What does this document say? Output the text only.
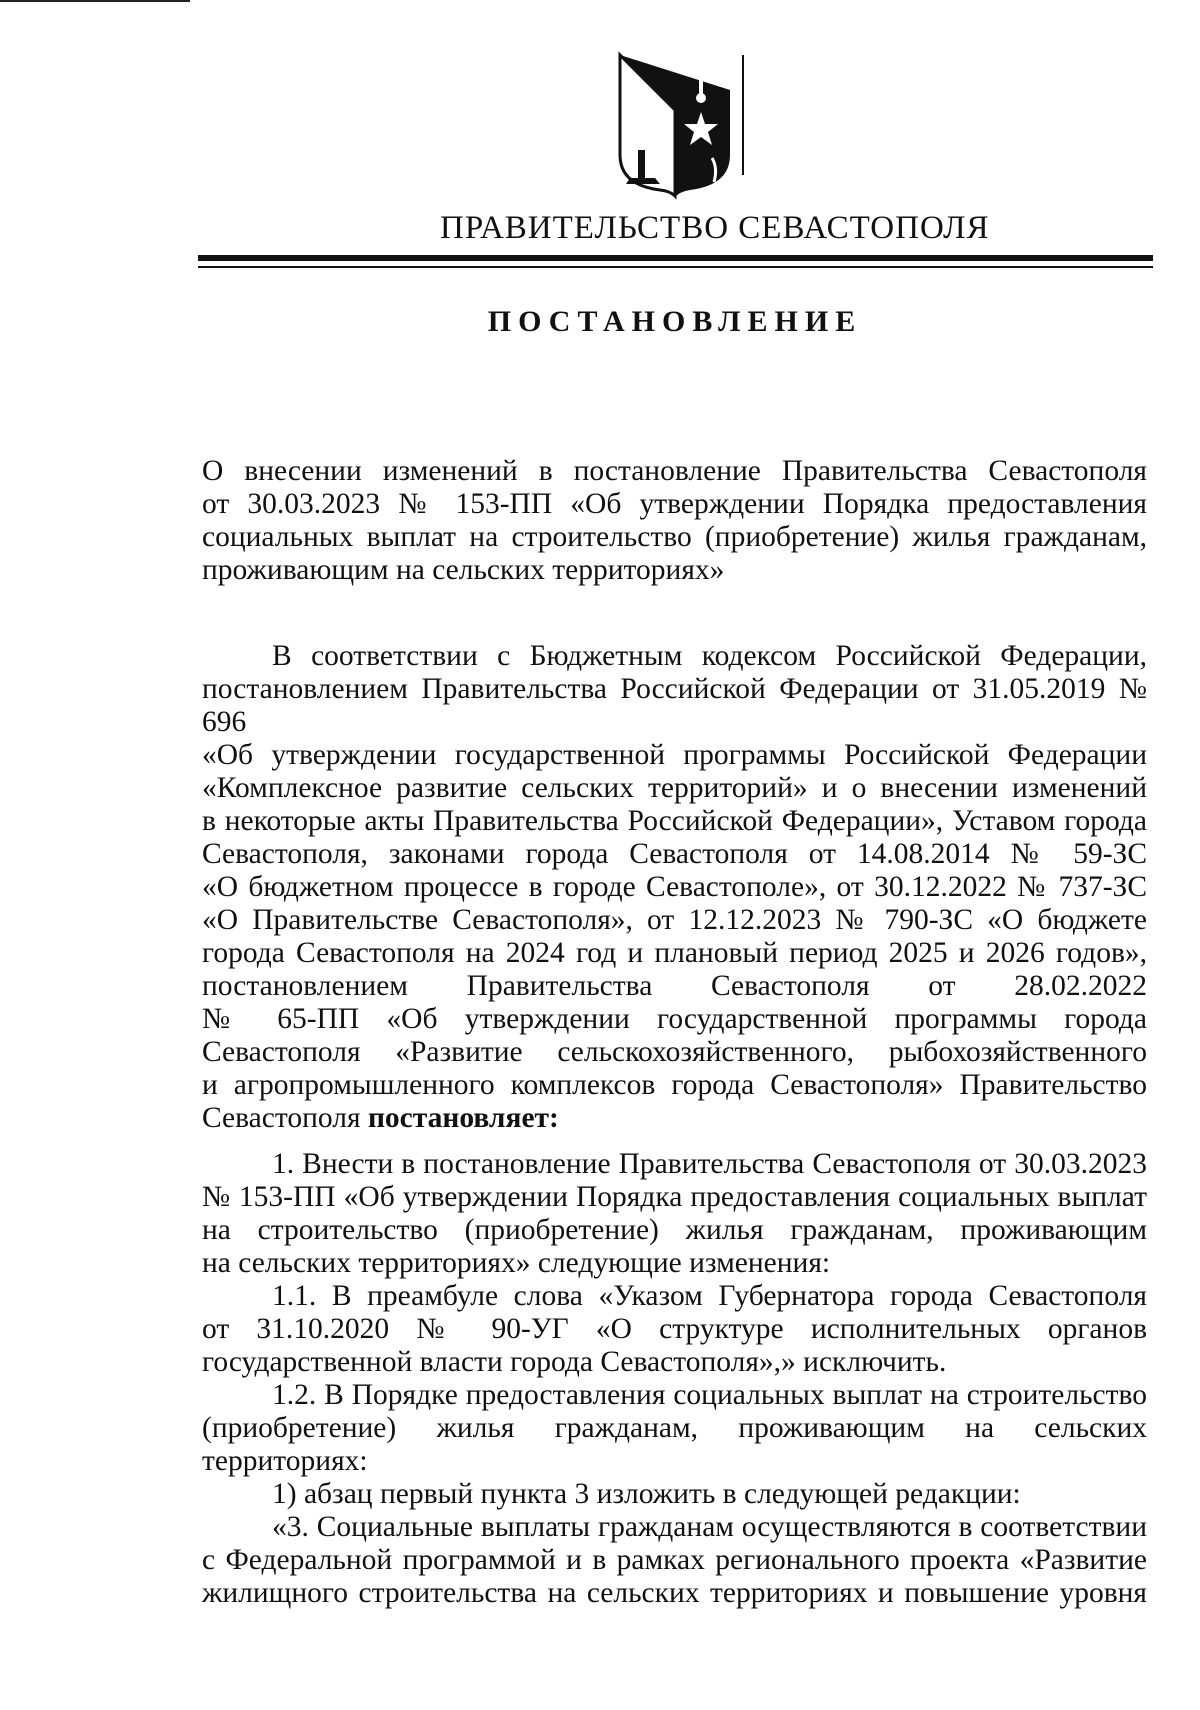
ПРАВИТЕЛЬСТВО СЕВАСТОПОЛЯ
ПОСТАНОВЛЕНИЕ

О внесении изменений в постановление Правительства Севастополя

от 30.03.2023 № 153-ПП «Об утверждении Порядка предоставления

социальных выплат на строительство (приобретение) жилья гражданам,

проживающим на сельских территориях»

В соответствии с Бюджетным кодексом Российской Федерации,

постановлением Правительства Российской Федерации от 31.05.2019 № 696

«Об утверждении государственной программы Российской Федерации

«Комплексное развитие сельских территорий» и о внесении изменений

в некоторые акты Правительства Российской Федерации», Уставом города

Севастополя, законами города Севастополя от 14.08.2014 № 59-ЗС

«О бюджетном процессе в городе Севастополе», от 30.12.2022 № 737-ЗС

«О Правительстве Севастополя», от 12.12.2023 № 790-ЗС «О бюджете

города Севастополя на 2024 год и плановый период 2025 и 2026 годов»,

постановлением Правительства Севастополя от 28.02.2022

№ 65-ПП «Об утверждении государственной программы города

Севастополя «Развитие сельскохозяйственного, рыбохозяйственного

и агропромышленного комплексов города Севастополя» Правительство

Севастополя постановляет:

1. Внести в постановление Правительства Севастополя от 30.03.2023

№ 153-ПП «Об утверждении Порядка предоставления социальных выплат

на строительство (приобретение) жилья гражданам, проживающим

на сельских территориях» следующие изменения:

1.1. В преамбуле слова «Указом Губернатора города Севастополя

от 31.10.2020 № 90-УГ «О структуре исполнительных органов

государственной власти города Севастополя»,» исключить.

1.2. В Порядке предоставления социальных выплат на строительство

(приобретение) жилья гражданам, проживающим на сельских территориях:

1) абзац первый пункта 3 изложить в следующей редакции:

«3. Социальные выплаты гражданам осуществляются в соответствии

с Федеральной программой и в рамках регионального проекта «Развитие

жилищного строительства на сельских территориях и повышение уровня
